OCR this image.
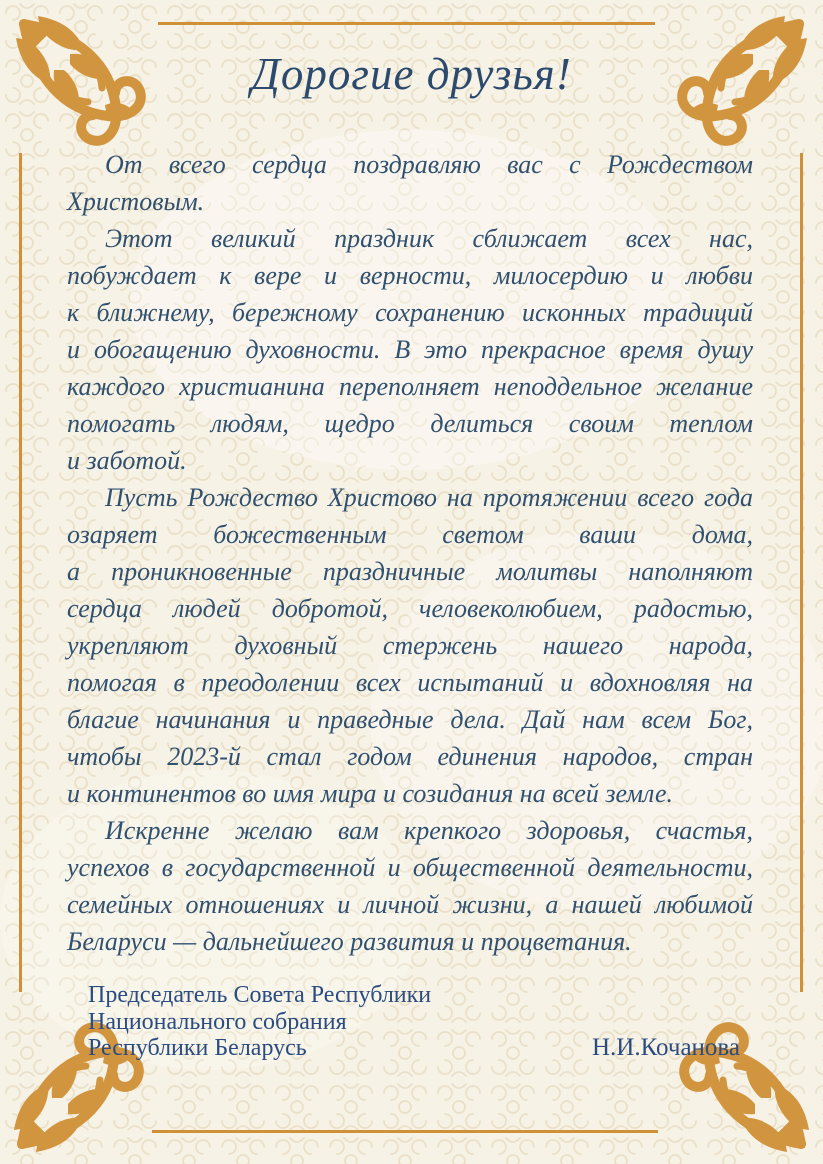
Дорогие друзья!
От всего сердца поздравляю вас с Рождеством
Христовым.
Этот великий праздник сближает всех нас,
побуждает к вере и верности, милосердию и любви
к ближнему, бережному сохранению исконных традиций
и обогащению духовности. В это прекрасное время душу
каждого христианина переполняет неподдельное желание
помогать людям, щедро делиться своим теплом
и заботой.
Пусть Рождество Христово на протяжении всего года
озаряет божественным светом ваши дома,
а проникновенные праздничные молитвы наполняют
сердца людей добротой, человеколюбием, радостью,
укрепляют духовный стержень нашего народа,
помогая в преодолении всех испытаний и вдохновляя на
благие начинания и праведные дела. Дай нам всем Бог,
чтобы 2023-й стал годом единения народов, стран
и континентов во имя мира и созидания на всей земле.
Искренне желаю вам крепкого здоровья, счастья,
успехов в государственной и общественной деятельности,
семейных отношениях и личной жизни, а нашей любимой
Беларуси — дальнейшего развития и процветания.
Председатель Совета Республики
Национального собрания
Республики Беларусь	Н.И.Кочанова
